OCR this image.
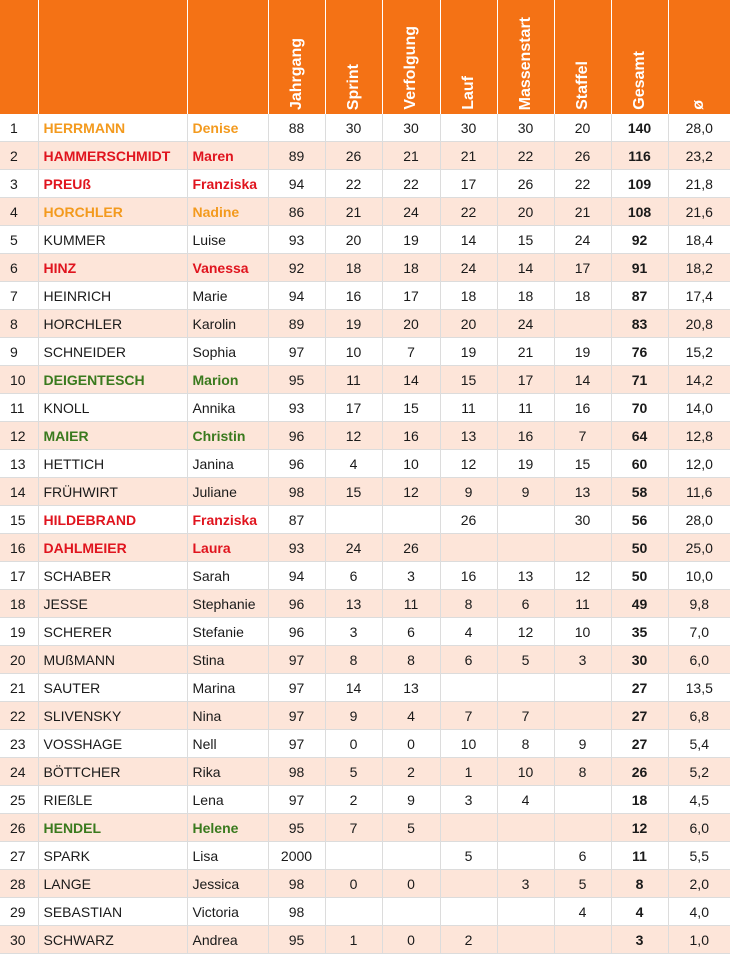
			Jahrgang	Sprint	Verfolgung	Lauf	Massenstart	Staffel	Gesamt	ø

1	HERRMANN	Denise	88	30	30	30	30	20	140	28,0
2	HAMMERSCHMIDT	Maren	89	26	21	21	22	26	116	23,2
3	PREUß	Franziska	94	22	22	17	26	22	109	21,8
4	HORCHLER	Nadine	86	21	24	22	20	21	108	21,6
5	KUMMER	Luise	93	20	19	14	15	24	92	18,4
6	HINZ	Vanessa	92	18	18	24	14	17	91	18,2
7	HEINRICH	Marie	94	16	17	18	18	18	87	17,4
8	HORCHLER	Karolin	89	19	20	20	24		83	20,8
9	SCHNEIDER	Sophia	97	10	7	19	21	19	76	15,2
10	DEIGENTESCH	Marion	95	11	14	15	17	14	71	14,2
11	KNOLL	Annika	93	17	15	11	11	16	70	14,0
12	MAIER	Christin	96	12	16	13	16	7	64	12,8
13	HETTICH	Janina	96	4	10	12	19	15	60	12,0
14	FRÜHWIRT	Juliane	98	15	12	9	9	13	58	11,6
15	HILDEBRAND	Franziska	87			26		30	56	28,0
16	DAHLMEIER	Laura	93	24	26				50	25,0
17	SCHABER	Sarah	94	6	3	16	13	12	50	10,0
18	JESSE	Stephanie	96	13	11	8	6	11	49	9,8
19	SCHERER	Stefanie	96	3	6	4	12	10	35	7,0
20	MUßMANN	Stina	97	8	8	6	5	3	30	6,0
21	SAUTER	Marina	97	14	13				27	13,5
22	SLIVENSKY	Nina	97	9	4	7	7		27	6,8
23	VOSSHAGE	Nell	97	0	0	10	8	9	27	5,4
24	BÖTTCHER	Rika	98	5	2	1	10	8	26	5,2
25	RIEßLE	Lena	97	2	9	3	4		18	4,5
26	HENDEL	Helene	95	7	5				12	6,0
27	SPARK	Lisa	2000			5		6	11	5,5
28	LANGE	Jessica	98	0	0		3	5	8	2,0
29	SEBASTIAN	Victoria	98					4	4	4,0
30	SCHWARZ	Andrea	95	1	0	2			3	1,0
